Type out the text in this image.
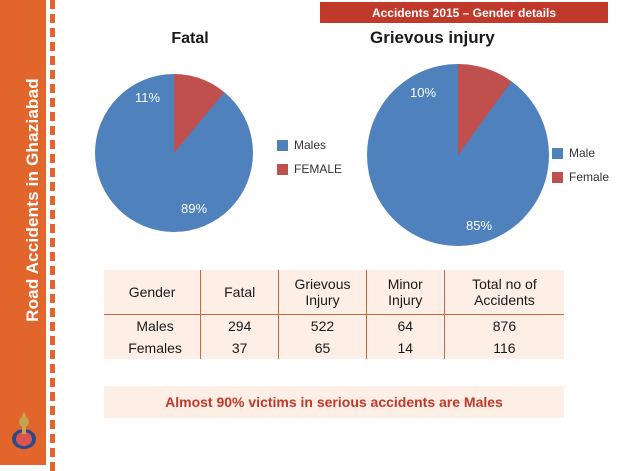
Road Accidents in Ghaziabad
Accidents 2015 – Gender details
Fatal	Grievous injury
11%
89%
Males
FEMALE
10%
85%
Male
Female
Gender	Fatal	Grievous Injury	Minor Injury	Total no of Accidents
Males	294	522	64	876
Females	37	65	14	116
Almost 90% victims in serious accidents are Males
